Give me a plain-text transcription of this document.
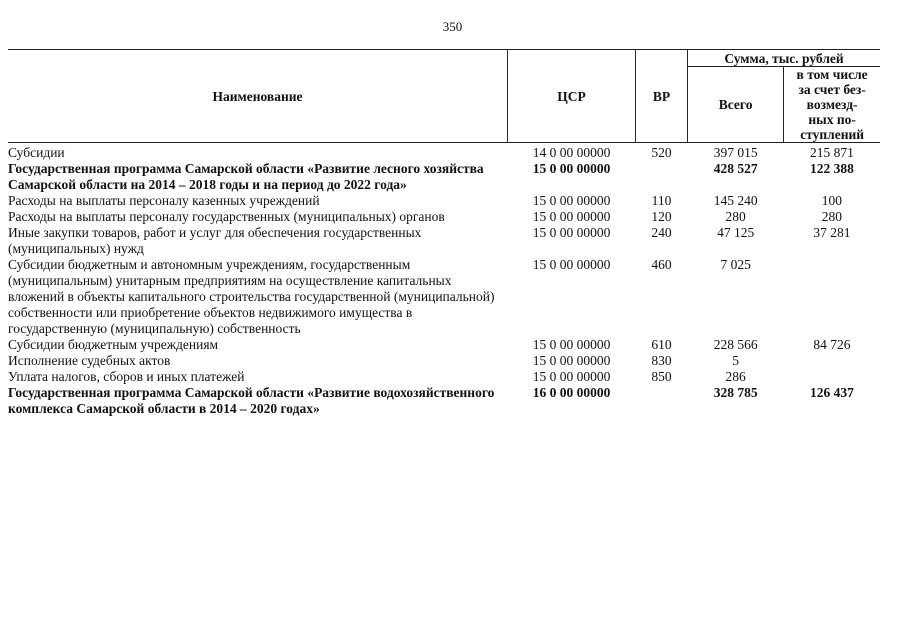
350
Наименование	ЦСР	ВР	Сумма, тыс. рублей	
			Всего	в том числе
за счет без-
возмезд-
ных по-
ступлений

Субсидии	14 0 00 00000	520	397 015	215 871
Государственная программа Самарской области «Развитие лесного хозяйства Самарской области на 2014 – 2018 годы и на период до 2022 года»	15 0 00 00000		428 527	122 388
Расходы на выплаты персоналу казенных учреждений	15 0 00 00000	110	145 240	100
Расходы на выплаты персоналу государственных (муниципальных) органов	15 0 00 00000	120	280	280
Иные закупки товаров, работ и услуг для обеспечения государственных (муниципальных) нужд	15 0 00 00000	240	47 125	37 281
Субсидии бюджетным и автономным учреждениям, государственным (муниципальным) унитарным предприятиям на осуществление капитальных вложений в объекты капитального строительства государственной (муниципальной) собственности или приобретение объектов недвижимого имущества в государственную (муниципальную) собственность	15 0 00 00000	460	7 025	
Субсидии бюджетным учреждениям	15 0 00 00000	610	228 566	84 726
Исполнение судебных актов	15 0 00 00000	830	5	
Уплата налогов, сборов и иных платежей	15 0 00 00000	850	286	
Государственная программа Самарской области «Развитие водохозяйственного комплекса Самарской области в 2014 – 2020 годах»	16 0 00 00000		328 785	126 437
